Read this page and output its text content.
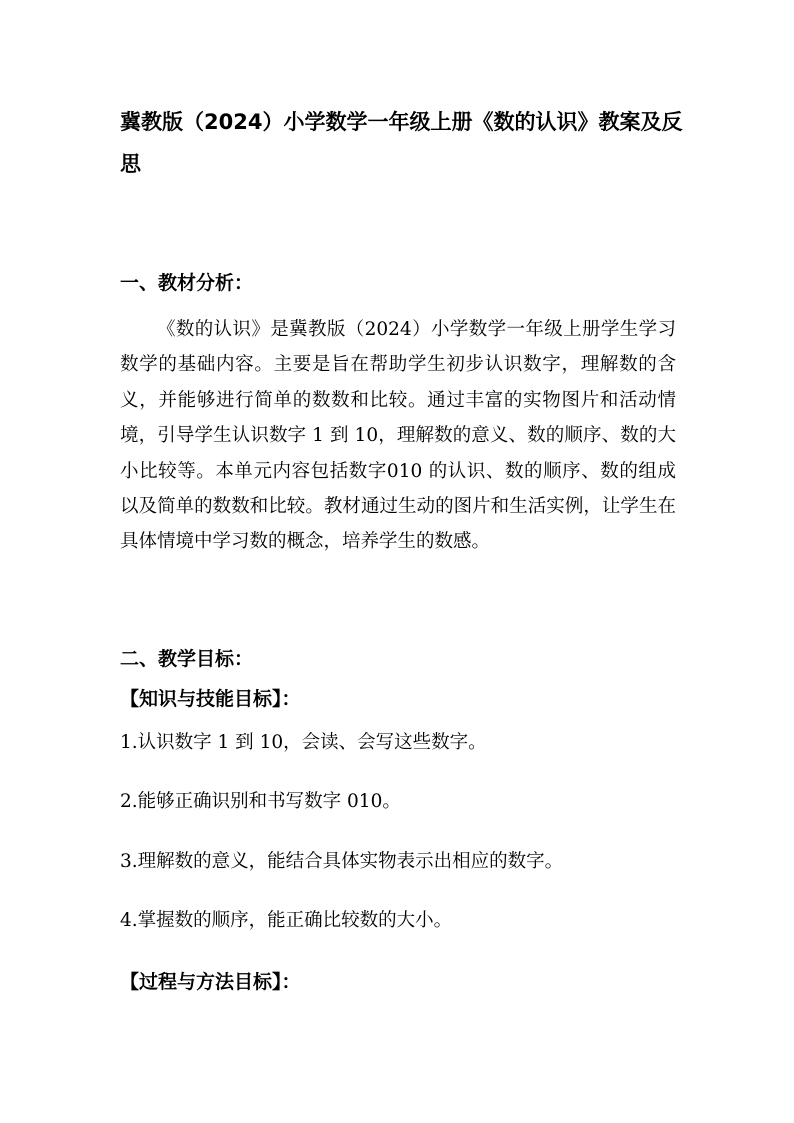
冀教版（2024）小学数学一年级上册《数的认识》教案及反思
一、教材分析：

《数的认识》是冀教版（2024）小学数学一年级上册学生学习数学的基础内容。主要是旨在帮助学生初步认识数字，理解数的含义，并能够进行简单的数数和比较。通过丰富的实物图片和活动情境，引导学生认识数字 1 到 10，理解数的意义、数的顺序、数的大小比较等。本单元内容包括数字010 的认识、数的顺序、数的组成以及简单的数数和比较。教材通过生动的图片和生活实例，让学生在具体情境中学习数的概念，培养学生的数感。

二、教学目标：
【知识与技能目标】：

1.认识数字 1 到 10，会读、会写这些数字。

2.能够正确识别和书写数字 010。

3.理解数的意义，能结合具体实物表示出相应的数字。

4.掌握数的顺序，能正确比较数的大小。

【过程与方法目标】：
